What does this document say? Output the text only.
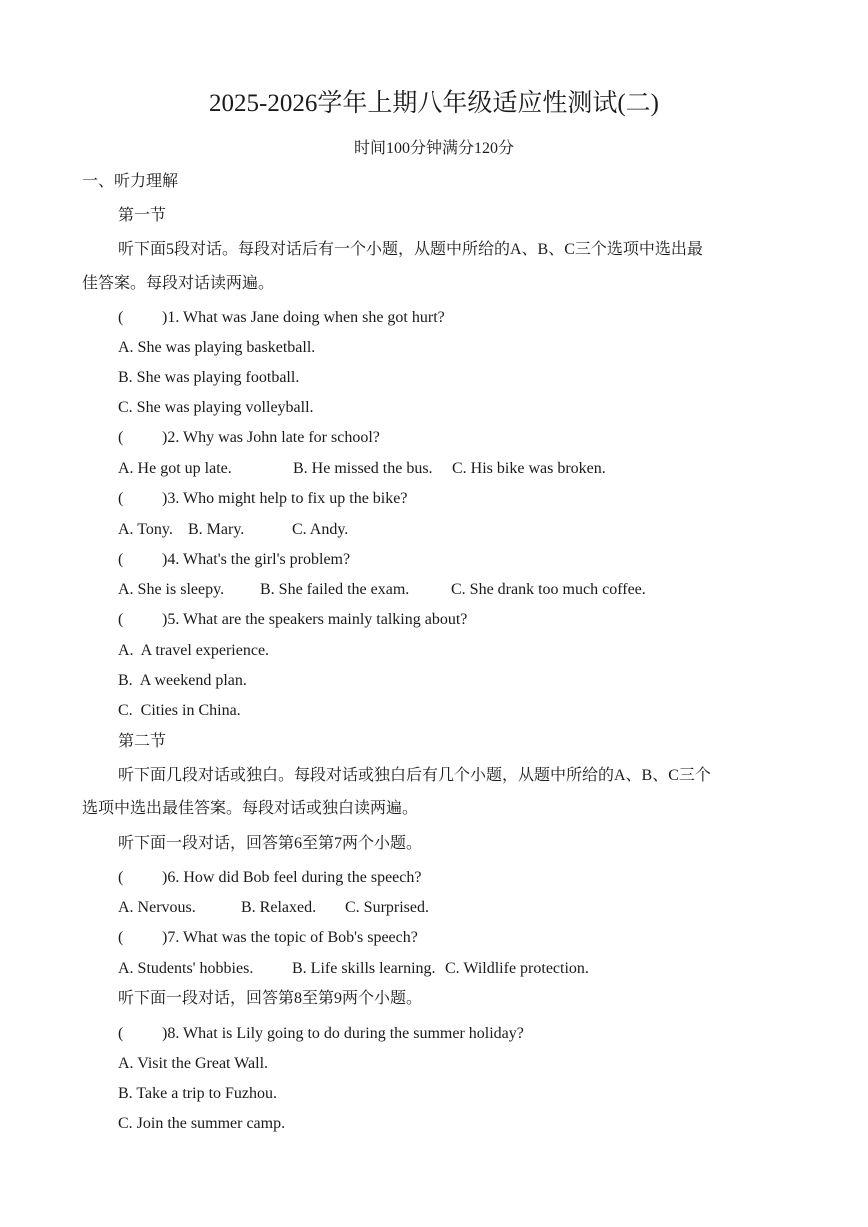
2025-2026学年上期八年级适应性测试(二)
时间100分钟满分120分
一、听力理解
第一节
听下面5段对话。每段对话后有一个小题，从题中所给的A、B、C三个选项中选出最
佳答案。每段对话读两遍。
( )1. What was Jane doing when she got hurt?
A. She was playing basketball.
B. She was playing football.
C. She was playing volleyball.
( )2. Why was John late for school?
A. He got up late.	B. He missed the bus. C. His bike was broken.
( )3. Who might help to fix up the bike?
A. Tony. B. Mary.	C. Andy.
( )4. What's the girl's problem?
A. She is sleepy. B. She failed the exam.	C. She drank too much coffee.
( )5. What are the speakers mainly talking about?
A.  A travel experience.
B.  A weekend plan.
C.  Cities in China.
第二节
听下面几段对话或独白。每段对话或独白后有几个小题，从题中所给的A、B、C三个
选项中选出最佳答案。每段对话或独白读两遍。
听下面一段对话，回答第6至第7两个小题。
( )6. How did Bob feel during the speech?
A. Nervous.	B. Relaxed. C. Surprised.
( )7. What was the topic of Bob's speech?
A. Students' hobbies. B. Life skills learning. C. Wildlife protection.
听下面一段对话，回答第8至第9两个小题。
( )8. What is Lily going to do during the summer holiday?
A. Visit the Great Wall.
B. Take a trip to Fuzhou.
C. Join the summer camp.
